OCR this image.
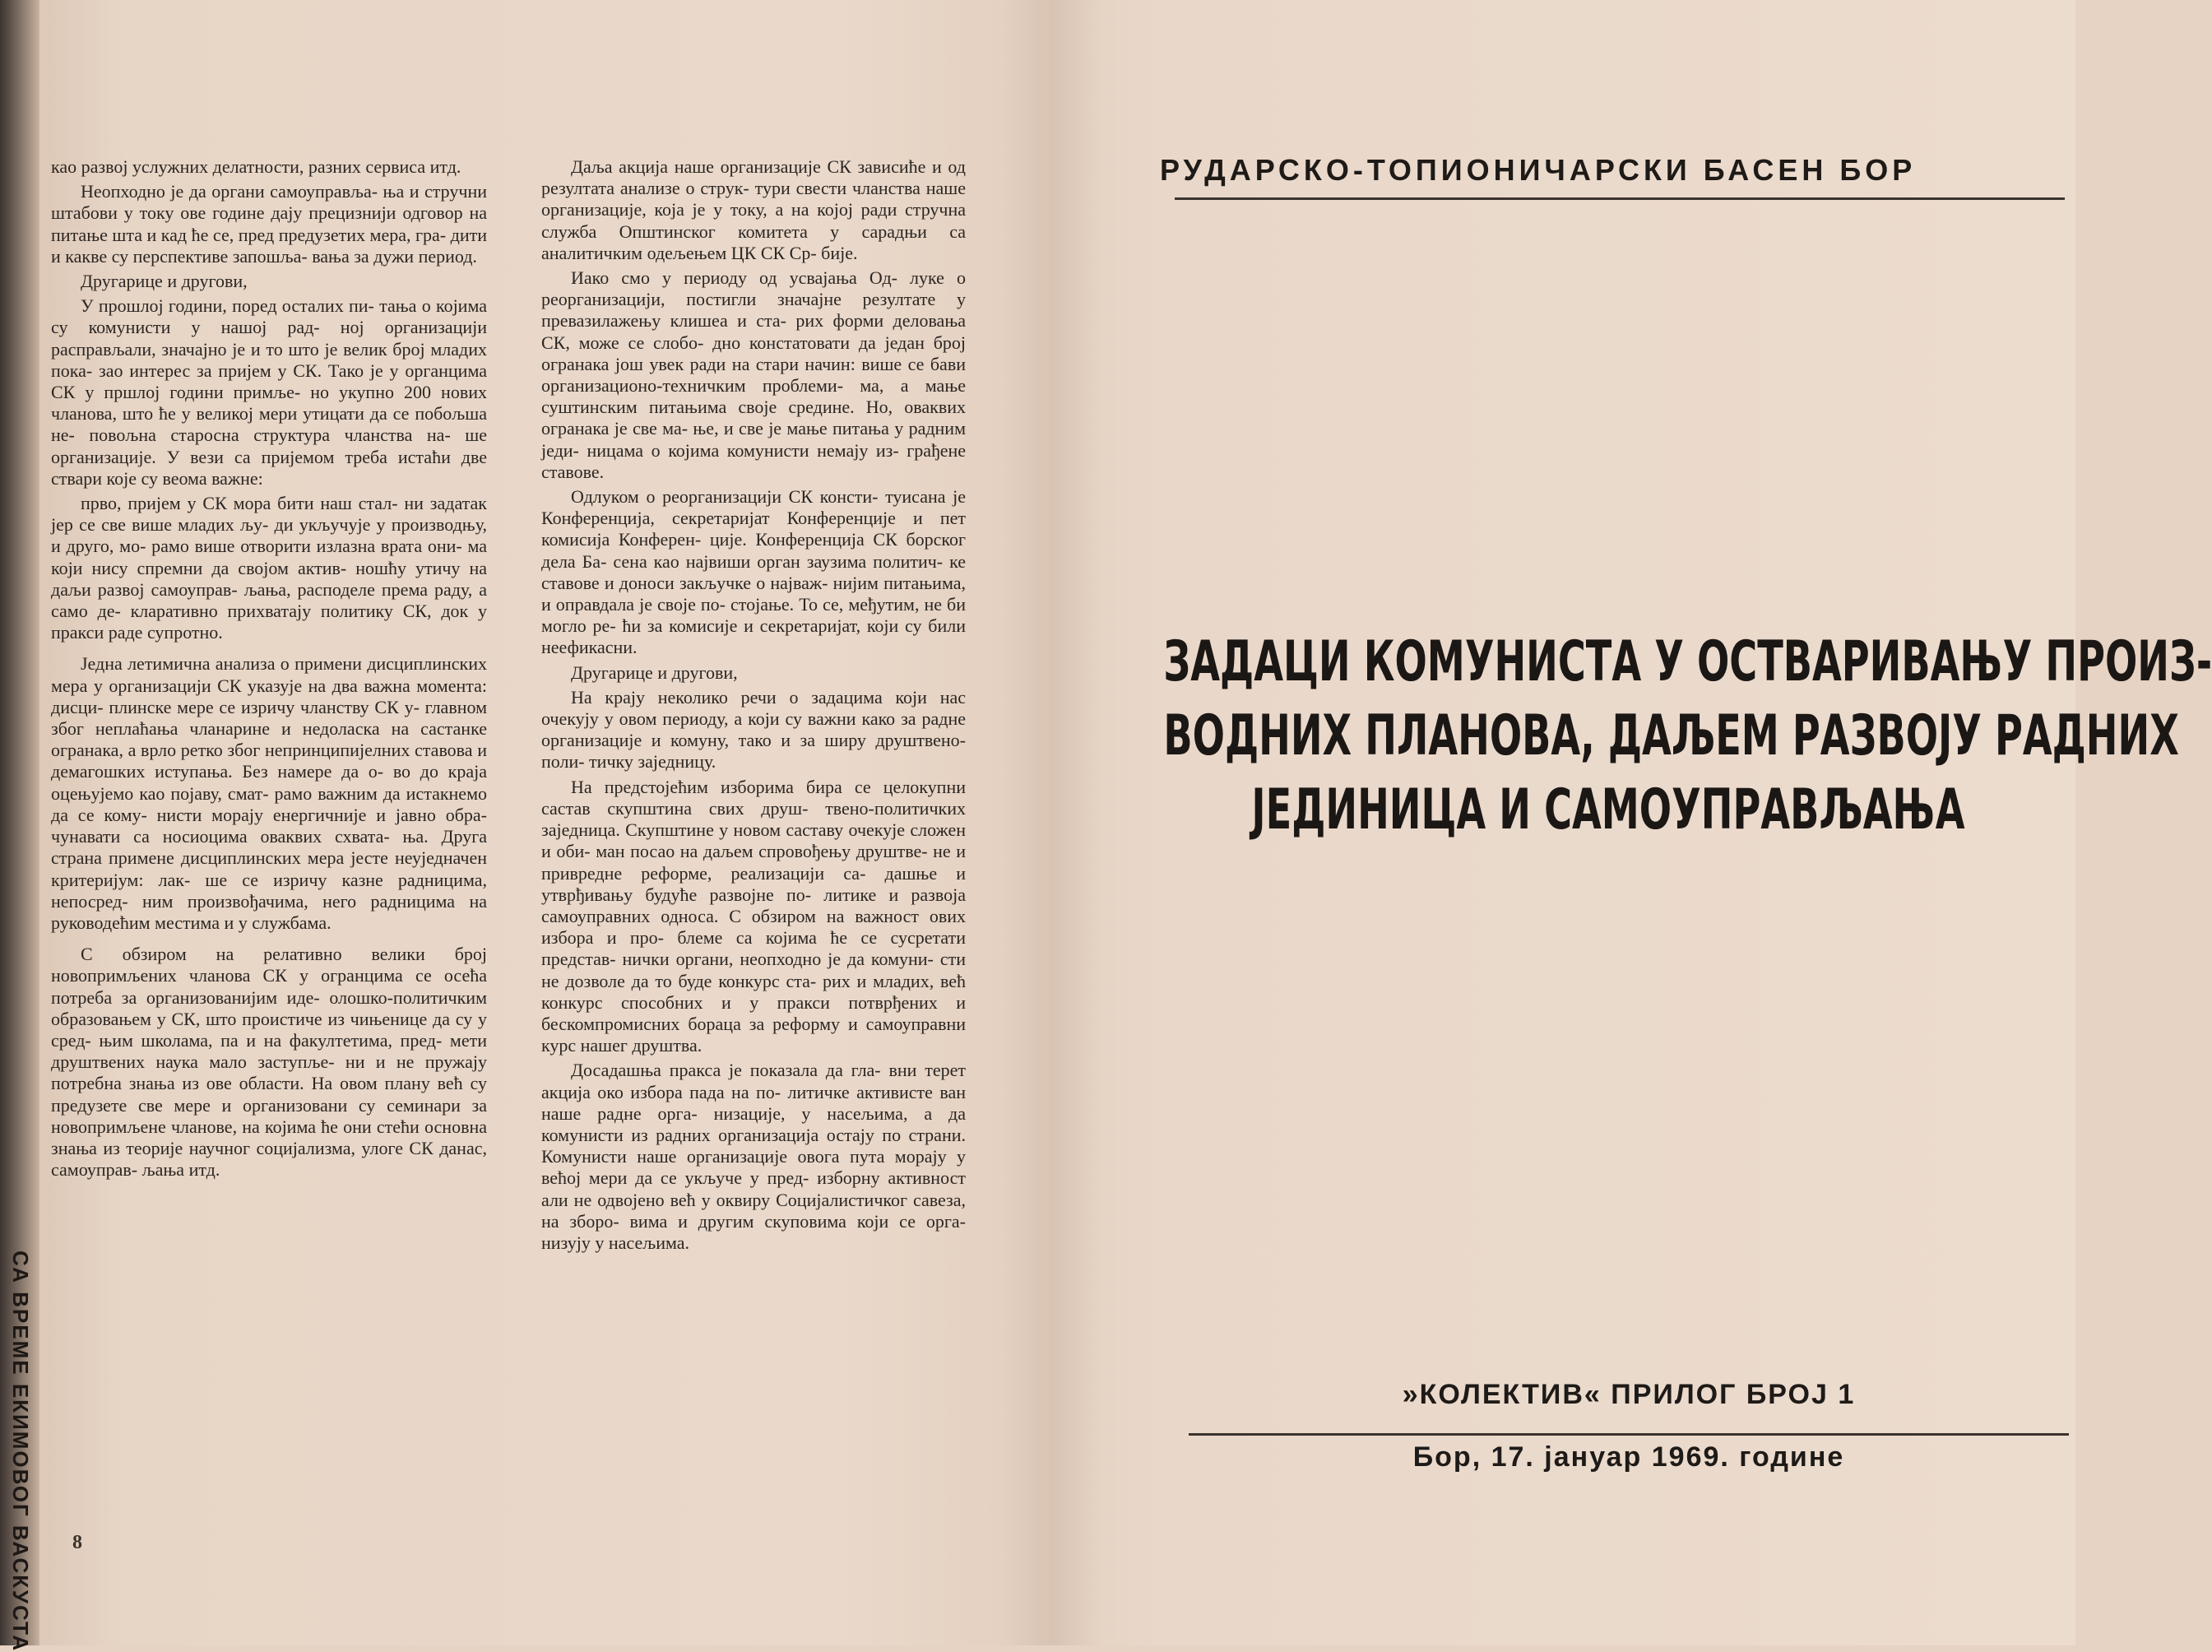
СА ВРЕМЕ ЕКИМОВОГ ВАСКУСТА

као развој услужних делатности, разних сервиса итд.

Неопходно је да органи самоуправља- ња и стручни штабови у току ове године дају прецизнији одговор на питање шта и кад ће се, пред предузетих мера, гра- дити и какве су перспективе запошља- вања за дужи период.

Другарице и другови,

У прошлој години, поред осталих пи- тања о којима су комунисти у нашој рад- ној организацији расправљали, значајно је и то што је велик број младих пока- зао интерес за пријем у СК. Тако је у органцима СК у пршлој години примље- но укупно 200 нових чланова, што ће у великој мери утицати да се побољша не- повољна старосна структура чланства на- ше организације. У вези са пријемом треба истаћи две ствари које су веома важне:

прво, пријем у СК мора бити наш стал- ни задатак јер се све више младих љу- ди укључује у производњу, и друго, мо- рамо више отворити излазна врата они- ма који нису спремни да својом актив- ношћу утичу на даљи развој самоуправ- љања, расподеле према раду, а само де- кларативно прихватају политику СК, док у пракси раде супротно.

Једна летимична анализа о примени дисциплинских мера у организацији СК указује на два важна момента: дисци- плинске мере се изричу чланству СК у- главном због неплаћања чланарине и недоласка на састанке огранака, а врло ретко због непринципијелних ставова и демагошких иступања. Без намере да о- во до краја оцењујемо као појаву, смат- рамо важним да истакнемо да се кому- нисти морају енергичније и јавно обра- чунавати са носиоцима оваквих схвата- ња. Друга страна примене дисциплинских мера јесте неуједначен критеријум: лак- ше се изричу казне радницима, непосред- ним произвођачима, него радницима на руководећим местима и у службама.

С обзиром на релативно велики број новопримљених чланова СК у огранцима се осећа потреба за организованијим иде- олошко-политичким образовањем у СК, што проистиче из чињенице да су у сред- њим школама, па и на факултетима, пред- мети друштвених наука мало заступље- ни и не пружају потребна знања из ове области. На овом плану већ су предузете све мере и организовани су семинари за новопримљене чланове, на којима ће они стећи основна знања из теорије научног социјализма, улоге СК данас, самоуправ- љања итд.

Даља акција наше организације СК зависиће и од резултата анализе о струк- тури свести чланства наше организације, која је у току, а на којој ради стручна служба Општинског комитета у сарадњи са аналитичким одељењем ЦК СК Ср- бије.

Иако смо у периоду од усвајања Од- луке о реорганизацији, постигли значајне резултате у превазилажењу клишеа и ста- рих форми деловања СК, може се слобо- дно констатовати да један број огранака још увек ради на стари начин: више се бави организационо-техничким проблеми- ма, а мање суштинским питањима своје средине. Но, оваквих огранака је све ма- ње, и све је мање питања у радним једи- ницама о којима комунисти немају из- грађене ставове.

Одлуком о реорганизацији СК консти- туисана је Конференција, секретаријат Конференције и пет комисија Конферен- ције. Конференција СК борског дела Ба- сена као највиши орган заузима политич- ке ставове и доноси закључке о најваж- нијим питањима, и оправдала је своје по- стојање. То се, међутим, не би могло ре- ћи за комисије и секретаријат, који су били неефикасни.

Другарице и другови,

На крају неколико речи о задацима који нас очекују у овом периоду, а који су важни како за радне организације и комуну, тако и за ширу друштвено-поли- тичку заједницу.

На предстојећим изборима бира се целокупни састав скупштина свих друш- твено-политичких заједница. Скупштине у новом саставу очекује сложен и оби- ман посао на даљем спровођењу друштве- не и привредне реформе, реализацији са- дашње и утврђивању будуће развојне по- литике и развоја самоуправних односа. С обзиром на важност ових избора и про- блеме са којима ће се сусретати представ- нички органи, неопходно је да комуни- сти не дозволе да то буде конкурс ста- рих и младих, већ конкурс способних и у пракси потврђених и бескомпромисних бораца за реформу и самоуправни курс нашег друштва.

Досадашња пракса је показала да гла- вни терет акција око избора пада на по- литичке активисте ван наше радне орга- низације, у насељима, а да комунисти из радних организација остају по страни. Комунисти наше организације овога пута морају у већој мери да се укључе у пред- изборну активност али не одвојено већ у оквиру Социјалистичког савеза, на зборо- вима и другим скуповима који се орга- низују у насељима.

8
РУДАРСКО-ТОПИОНИЧАРСКИ БАСЕН БОР
ЗАДАЦИ КОМУНИСТА У ОСТВАРИВАЊУ ПРОИЗ-
ВОДНИХ ПЛАНОВА, ДАЉЕМ РАЗВОЈУ РАДНИХ
ЈЕДИНИЦА И САМОУПРАВЉАЊА
»КОЛЕКТИВ« ПРИЛОГ БРОЈ 1
Бор, 17. јануар 1969. године
